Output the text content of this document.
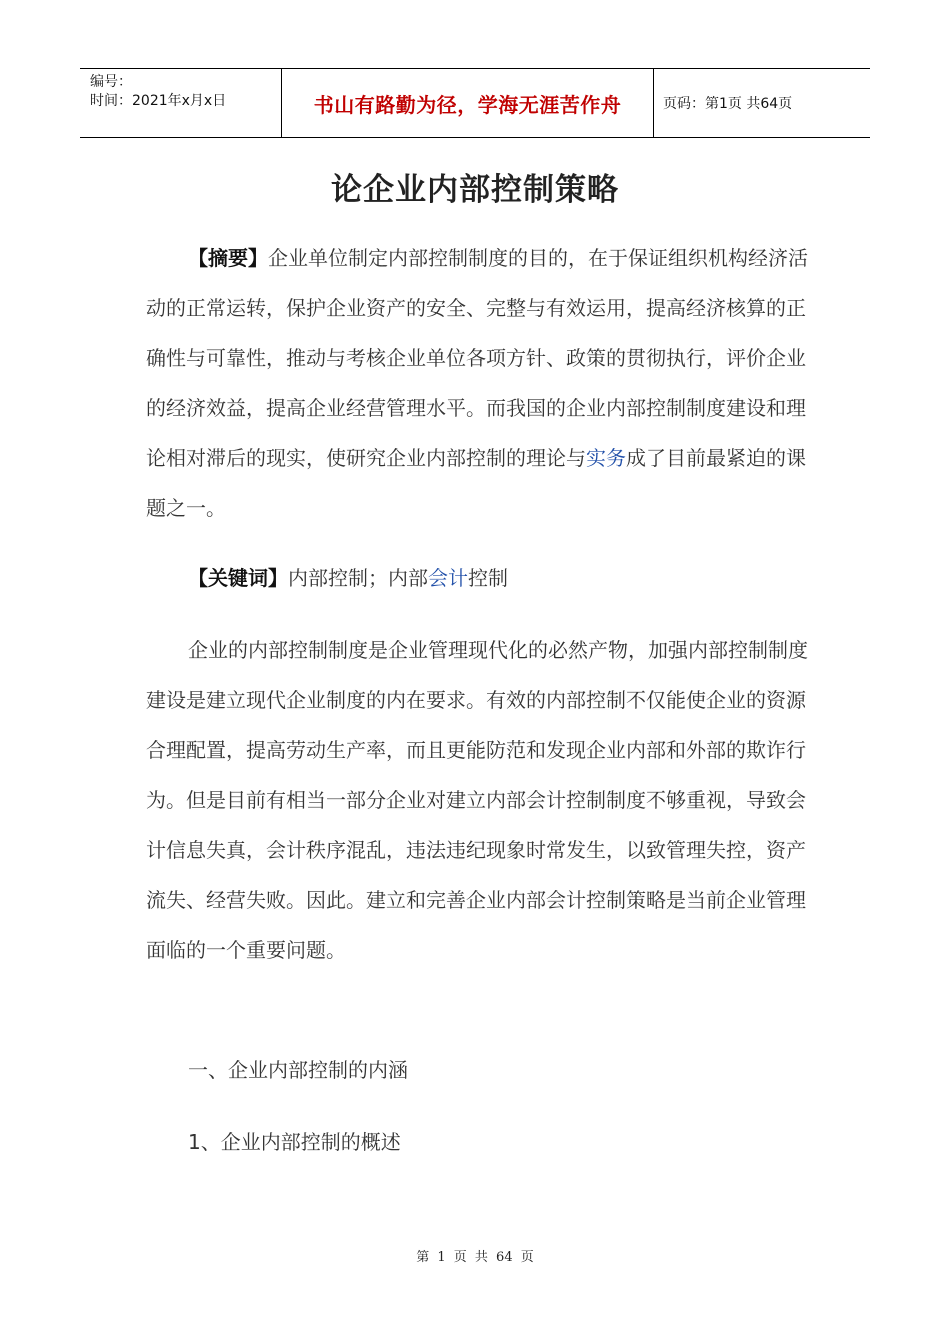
编号：
时间：2021年x月x日	书山有路勤为径，学海无涯苦作舟	页码：第1页 共64页
论企业内部控制策略

【摘要】企业单位制定内部控制制度的目的，在于保证组织机构经济活动的正常运转，保护企业资产的安全、完整与有效运用，提高经济核算的正确性与可靠性，推动与考核企业单位各项方针、政策的贯彻执行，评价企业的经济效益，提高企业经营管理水平。而我国的企业内部控制制度建设和理论相对滞后的现实，使研究企业内部控制的理论与实务成了目前最紧迫的课题之一。

【关键词】内部控制；内部会计控制

企业的内部控制制度是企业管理现代化的必然产物，加强内部控制制度建设是建立现代企业制度的内在要求。有效的内部控制不仅能使企业的资源合理配置，提高劳动生产率，而且更能防范和发现企业内部和外部的欺诈行为。但是目前有相当一部分企业对建立内部会计控制制度不够重视，导致会计信息失真，会计秩序混乱，违法违纪现象时常发生，以致管理失控，资产流失、经营失败。因此。建立和完善企业内部会计控制策略是当前企业管理面临的一个重要问题。

一、企业内部控制的内涵

1、企业内部控制的概述

第 1 页 共 64 页
